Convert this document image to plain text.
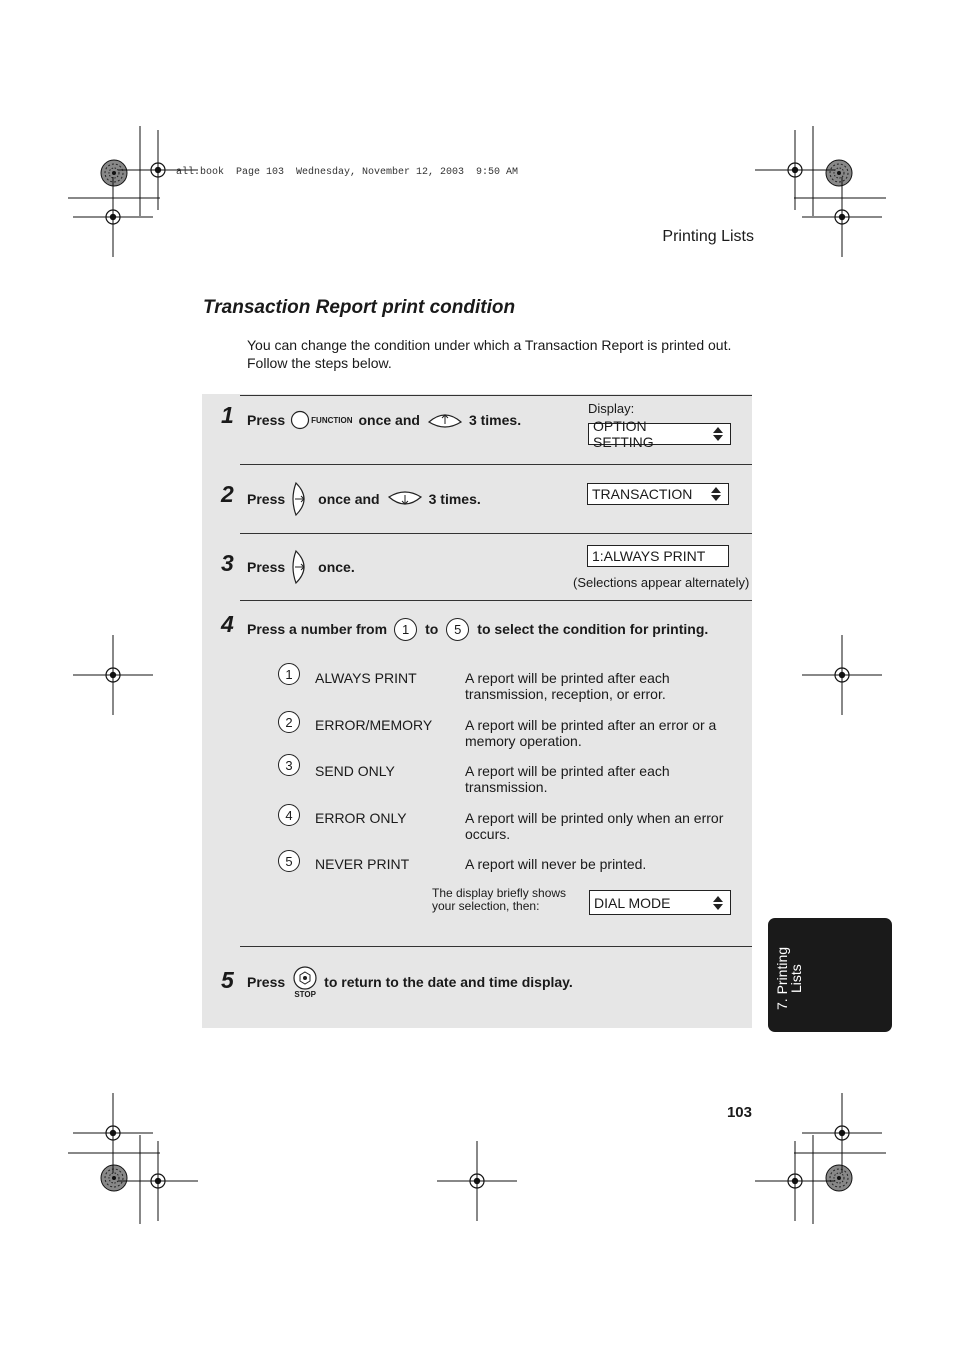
all.book  Page 103  Wednesday, November 12, 2003  9:50 AM
Printing Lists
Transaction Report print condition
You can change the condition under which a Transaction Report is printed out.
Follow the steps below.
1 Press	FUNCTION once and	3 times.
Display:
OPTION SETTING
2 Press once and	3 times.	TRANSACTION
3 Press once.
1:ALWAYS PRINT
(Selections appear alternately)
4 Press a number from	1	to	5	to select the condition for printing.
1	ALWAYS PRINT	A report will be printed after each
transmission, reception, or error.
2	ERROR/MEMORY A report will be printed after an error or a
memory operation.
3	SEND ONLY	A report will be printed after each
transmission.
4	ERROR ONLY	A report will be printed only when an error
occurs.
5	NEVER PRINT	A report will never be printed.
The display briefly shows
your selection, then:	DIAL MODE
5 Press
STOP
to return to the date and time display.	7. Printing
Lists
103
